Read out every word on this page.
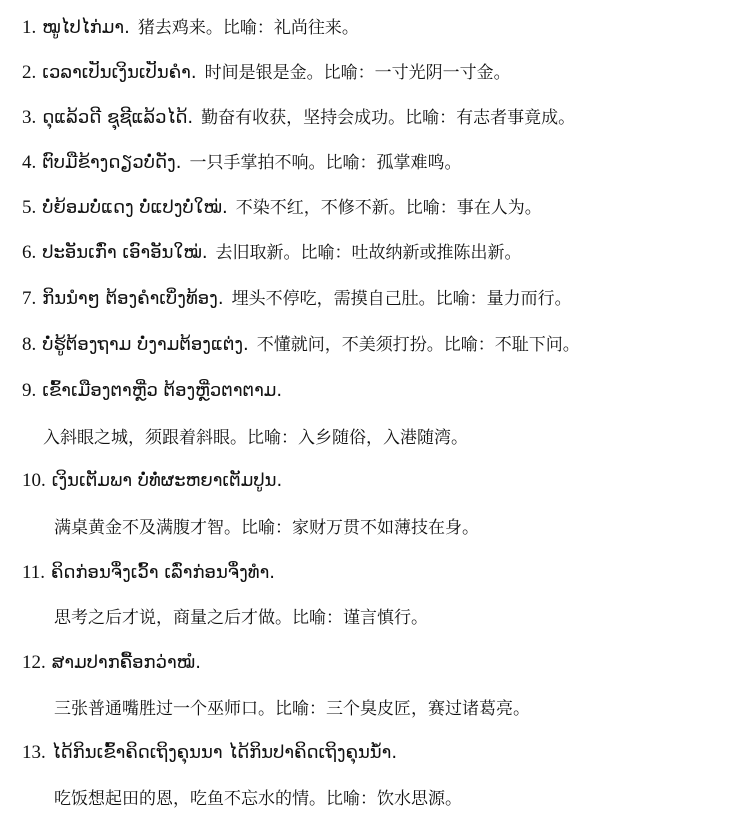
1. ໝູໄປໄກ່ມາ. 猪去鸡来。比喻：礼尚往来。
2. ເວລາເປັນເງິນເປັນຄຳ. 时间是银是金。比喻：一寸光阴一寸金。
3. ດຸແລ້ວດີ ຊຸຊີແລ້ວໄດ້. 勤奋有收获，坚持会成功。比喻：有志者事竟成。
4. ຕົບມືຂ້າງດຽວບໍ່ດັງ. 一只手掌拍不响。比喻：孤掌难鸣。
5. ບໍ່ຍ້ອມບໍ່ແດງ ບໍ່ແປງບໍ່ໃໝ່. 不染不红，不修不新。比喻：事在人为。
6. ປະອັນເກົ່າ ເອົາອັນໃໝ່. 去旧取新。比喻：吐故纳新或推陈出新。
7. ກິນນຳໆ ຕ້ອງຄຳເບິ່ງທ້ອງ. 埋头不停吃，需摸自己肚。比喻：量力而行。
8. ບໍ່ຮູ້ຕ້ອງຖາມ ບໍ່ງາມຕ້ອງແຕ່ງ. 不懂就问，不美须打扮。比喻：不耻下问。
9. ເຂົ້າເມືອງຕາຫຼີ່ວ ຕ້ອງຫຼີ່ວຕາຕາມ.
入斜眼之城，须跟着斜眼。比喻：入乡随俗，入港随湾。
10. ເງິນເຕັມພາ ບໍ່ທໍ່ຜະຫຍາເຕັມປູນ.
满桌黄金不及满腹才智。比喻：家财万贯不如薄技在身。
11. ຄິດກ່ອນຈຶ່ງເວົ້າ ເລົ່າກ່ອນຈຶ່ງທຳ.
思考之后才说，商量之后才做。比喻：谨言慎行。
12. ສາມປາກຄື້ອກວ່າໝໍ.
三张普通嘴胜过一个巫师口。比喻：三个臭皮匠，赛过诸葛亮。
13. ໄດ້ກິນເຂົ້າຄິດເຖິງຄຸນນາ ໄດ້ກິນປາຄິດເຖິງຄຸນນ້ຳ.
吃饭想起田的恩，吃鱼不忘水的情。比喻：饮水思源。
